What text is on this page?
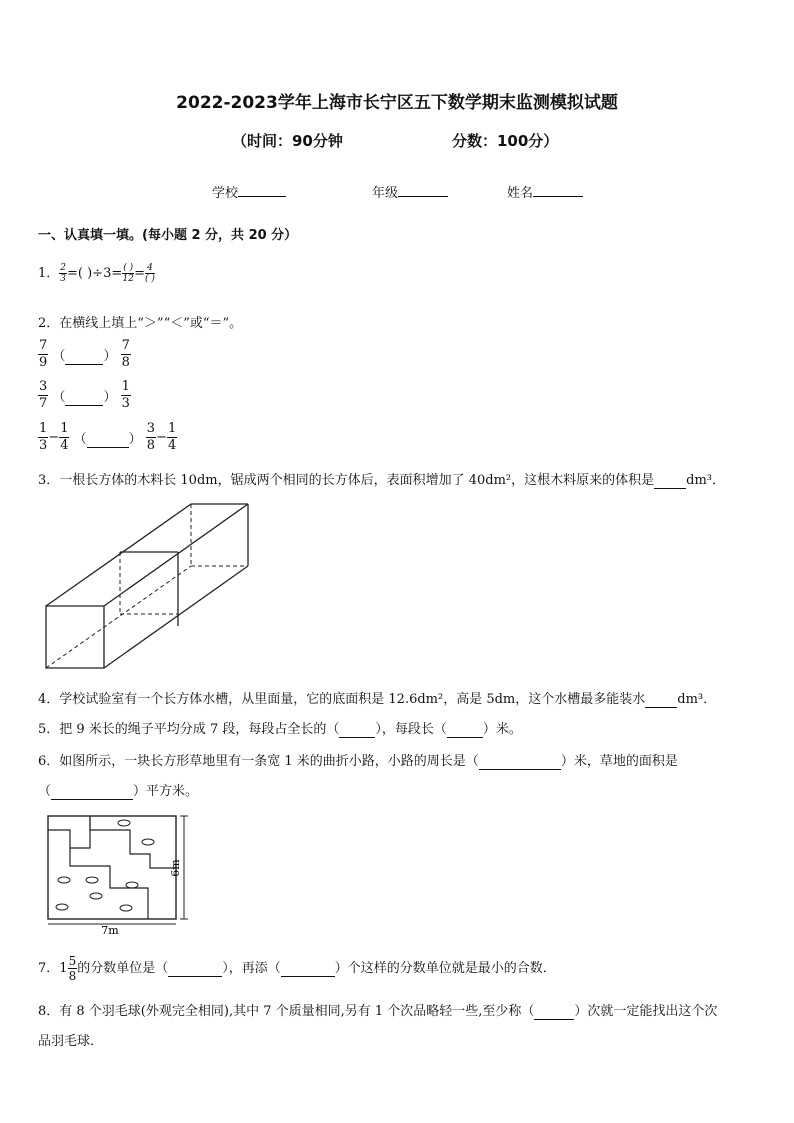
2022-2023学年上海市长宁区五下数学期末监测模拟试题
（时间：90分钟	分数：100分）
学校	年级	姓名
一、认真填一填。(每小题 2 分，共 20 分）
1． $\frac{2}{3}$ =( )÷3= ( )
12 = 4
( )
2．在横线上填上“＞”“＜”或“＝”。
$\frac{7}{9}$ （	） $\frac{7}{8}$
$\frac{3}{7}$ （	） $\frac{1}{3}$
$\frac{1}{3} - \frac{1}{4}$ （	） $\frac{3}{8} - \frac{1}{4}$
3．一根长方体的木料长 10dm，锯成两个相同的长方体后，表面积增加了 40dm²，这根木料原来的体积是 dm³．
4．学校试验室有一个长方体水槽，从里面量，它的底面积是 12.6dm²，高是 5dm，这个水槽最多能装水 dm³．
5．把 9 米长的绳子平均分成 7 段，每段占全长的（	），每段长（	）米。
6．如图所示，一块长方形草地里有一条宽 1 米的曲折小路，小路的周长是（	）米，草地的面积是
（	）平方米。
6m
7m
7．$1 \frac{5}{8}$ 的分数单位是（	），再添（	）个这样的分数单位就是最小的合数．
8．有 8 个羽毛球(外观完全相同),其中 7 个质量相同,另有 1 个次品略轻一些,至少称（	）次就一定能找出这个次
品羽毛球．
